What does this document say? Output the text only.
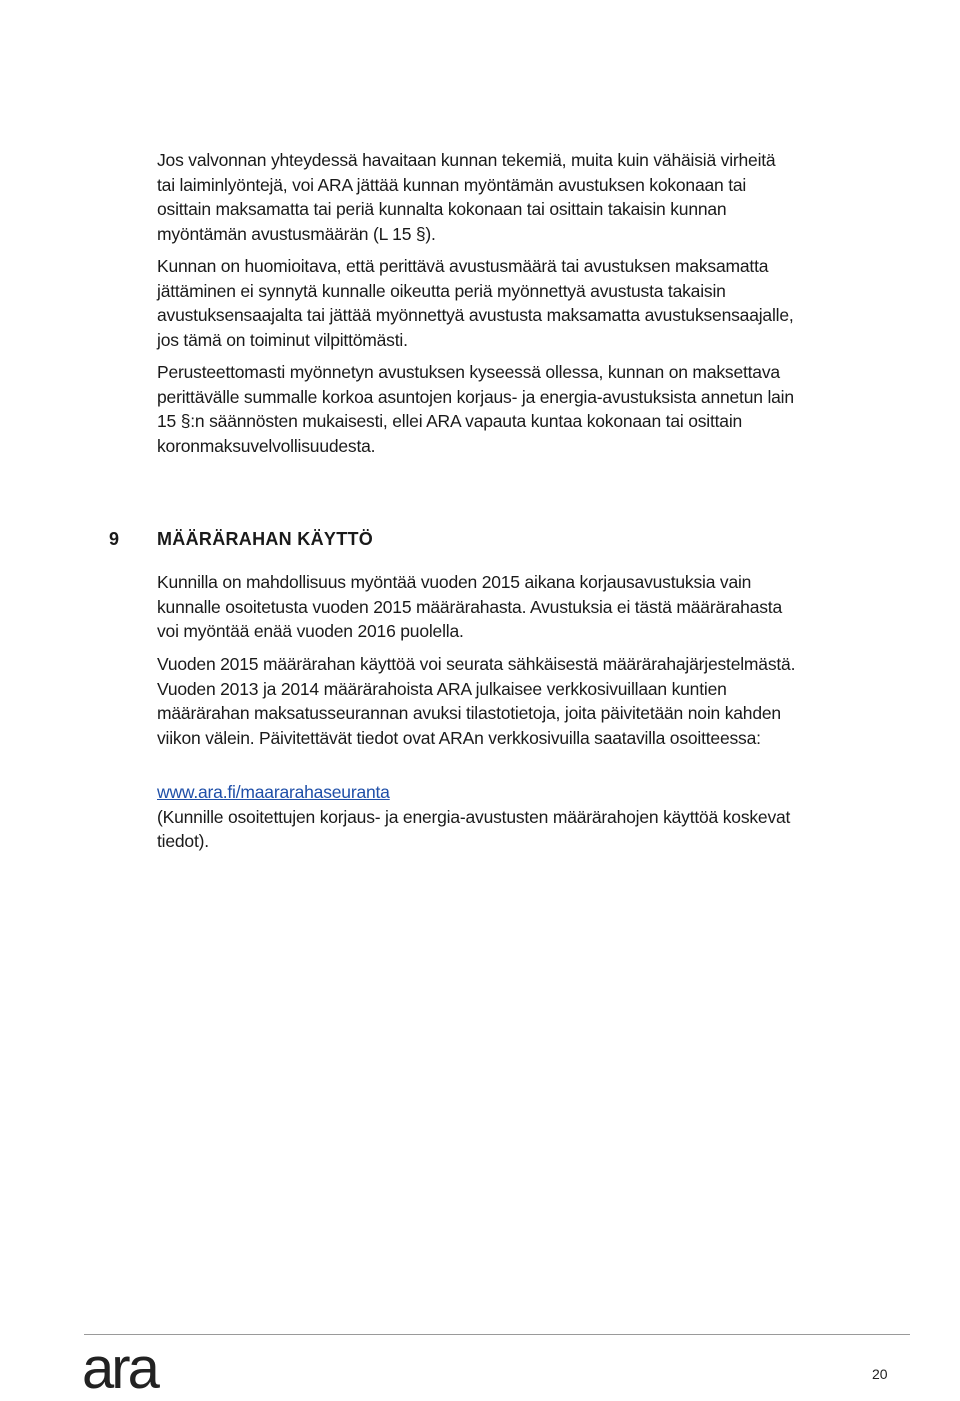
Jos valvonnan yhteydessä havaitaan kunnan tekemiä, muita kuin vähäisiä virheitä tai laiminlyöntejä, voi ARA jättää kunnan myöntämän avustuksen kokonaan tai osittain maksamatta tai periä kunnalta kokonaan tai osittain takaisin kunnan myöntämän avustusmäärän (L 15 §).

Kunnan on huomioitava, että perittävä avustusmäärä tai avustuksen maksamatta jättäminen ei synnytä kunnalle oikeutta periä myönnettyä avustusta takaisin avustuksensaajalta tai jättää myönnettyä avustusta maksamatta avustuksensaajalle, jos tämä on toiminut vilpittömästi.

Perusteettomasti myönnetyn avustuksen kyseessä ollessa, kunnan on maksettava perittävälle summalle korkoa asuntojen korjaus- ja energia-avustuksista annetun lain 15 §:n säännösten mukaisesti, ellei ARA vapauta kuntaa kokonaan tai osittain koronmaksuvelvollisuudesta.

9 MÄÄRÄRAHAN KÄYTTÖ

Kunnilla on mahdollisuus myöntää vuoden 2015 aikana korjausavustuksia vain kunnalle osoitetusta vuoden 2015 määrärahasta. Avustuksia ei tästä määrärahasta voi myöntää enää vuoden 2016 puolella.

Vuoden 2015 määrärahan käyttöä voi seurata sähkäisestä määrärahajärjestelmästä. Vuoden 2013 ja 2014 määrärahoista ARA julkaisee verkkosivuillaan kuntien määrärahan maksatusseurannan avuksi tilastotietoja, joita päivitetään noin kahden viikon välein. Päivitettävät tiedot ovat ARAn verkkosivuilla saatavilla osoitteessa:

www.ara.fi/maararahaseuranta
(Kunnille osoitettujen korjaus- ja energia-avustusten määrärahojen käyttöä koskevat tiedot).
ara	20
